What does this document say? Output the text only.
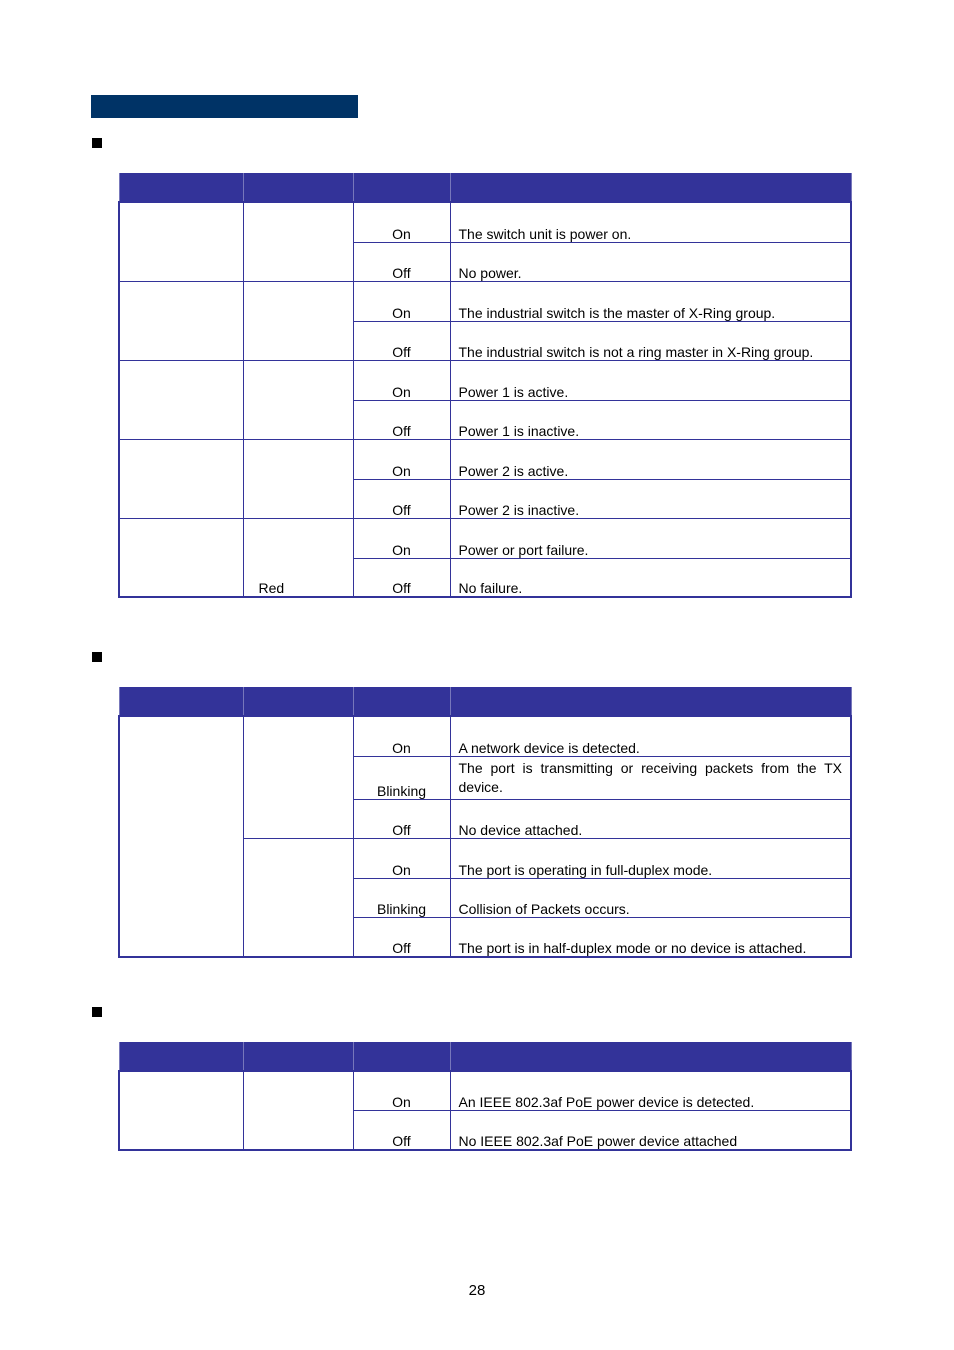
		On	The switch unit is power on.
		Off	No power.
		On	The industrial switch is the master of X-Ring group.
		Off	The industrial switch is not a ring master in X-Ring group.
		On	Power 1 is active.
		Off	Power 1 is inactive.
		On	Power 2 is active.
		Off	Power 2 is inactive.
	Red	On	Power or port failure.
		Off	No failure.

		On	A network device is detected.
		Blinking	The port is transmitting or receiving packets from the TX device.
		Off	No device attached.
		On	The port is operating in full-duplex mode.
		Blinking	Collision of Packets occurs.
		Off	The port is in half-duplex mode or no device is attached.

		On	An IEEE 802.3af PoE power device is detected.
		Off	No IEEE 802.3af PoE power device attached
28
